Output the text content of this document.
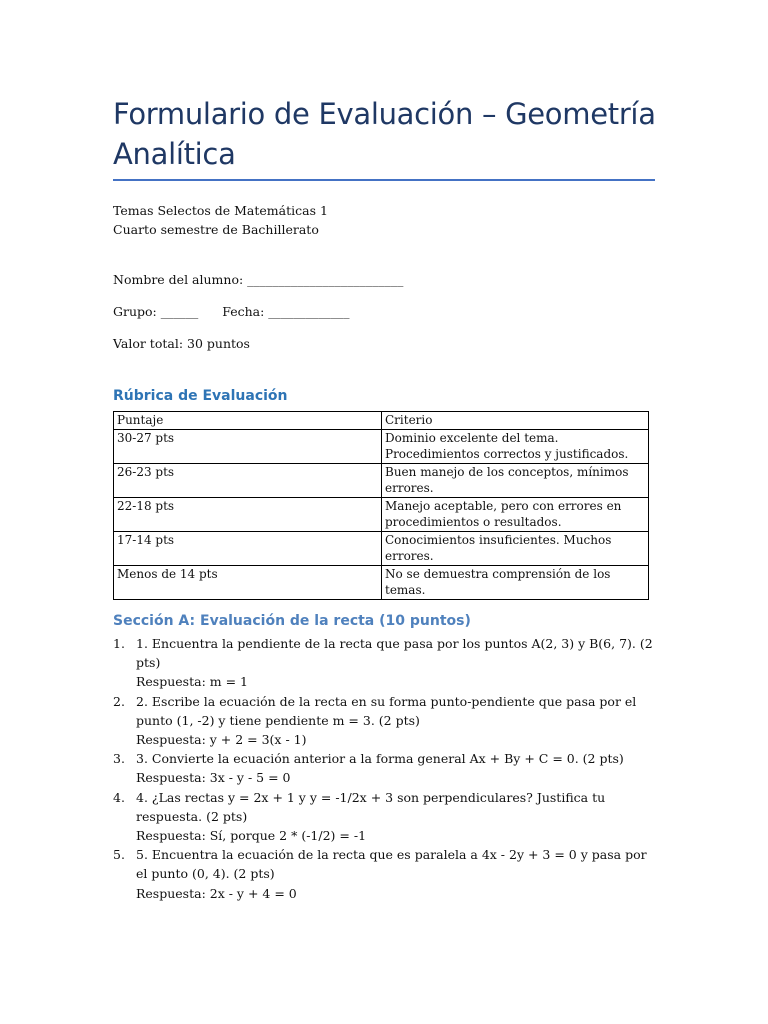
Formulario de Evaluación – Geometría Analítica
Temas Selectos de Matemáticas 1
Cuarto semestre de Bachillerato
Nombre del alumno: _________________________
Grupo: ______ Fecha: _____________
Valor total: 30 puntos
Rúbrica de Evaluación
Puntaje	Criterio
30-27 pts	Dominio excelente del tema. Procedimientos correctos y justificados.
26-23 pts	Buen manejo de los conceptos, mínimos errores.
22-18 pts	Manejo aceptable, pero con errores en procedimientos o resultados.
17-14 pts	Conocimientos insuficientes. Muchos errores.
Menos de 14 pts	No se demuestra comprensión de los temas.
Sección A: Evaluación de la recta (10 puntos)
1. 1. Encuentra la pendiente de la recta que pasa por los puntos A(2, 3) y B(6, 7). (2 pts)
Respuesta: m = 1
2. 2. Escribe la ecuación de la recta en su forma punto-pendiente que pasa por el punto (1, -2) y tiene pendiente m = 3. (2 pts)
Respuesta: y + 2 = 3(x - 1)
3. 3. Convierte la ecuación anterior a la forma general Ax + By + C = 0. (2 pts)
Respuesta: 3x - y - 5 = 0
4. 4. ¿Las rectas y = 2x + 1 y y = -1/2x + 3 son perpendiculares? Justifica tu respuesta. (2 pts)
Respuesta: Sí, porque 2 * (-1/2) = -1
5. 5. Encuentra la ecuación de la recta que es paralela a 4x - 2y + 3 = 0 y pasa por el punto (0, 4). (2 pts)
Respuesta: 2x - y + 4 = 0
